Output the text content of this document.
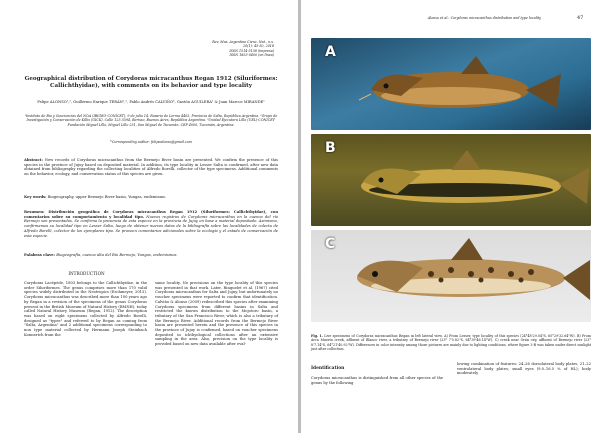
Rev. Mus. Argentino Cienc. Nat., n.s.
20(1): 45-50, 2018
ISSN 1514-5158 (impresa)
ISSN 1853-0400 (en línea)
Geographical distribution of Corydoras micracanthus Regan 1912 (Siluriformes: Callichthyidae), with comments on its behavior and type locality
Felipe ALONSO¹,², Guillermo Enrique TERÁN¹,², Pablo Andrés CALVIÑO³, Gastón AGUILERA¹ & Juan Marcos MIRANDE¹
¹Instituto de Bio y Geociencias del NOA (IBIGEO-CONICET), 9 de julio 14, Rosario de Lerma 4405, Provincia de Salta, República Argentina. ²Grupo de Investigación y Conservación de Killis (GICK). Calle 125 5594, Berisso, Buenos Aires, República Argentina. ³Unidad Ejecutora Lillo (UEL)-CONICET-Fundación Miguel Lillo, Miguel Lillo 251, San Miguel de Tucumán, CEP 4000, Tucumán, Argentina.
*Corresponding author: felipealonso@gmail.com
Abstract: New records of Corydoras micracanthus from the Bermejo River basin are presented. We confirm the presence of this species in the province of Jujuy based on deposited material. In addition, its type locality in Lesser Salta is confirmed, after new data obtained from bibliography regarding the collecting localities of Alfredo Borelli, collector of the type specimens. Additional comments on the behavior, ecology, and conservation status of this species are given.
Key words: Biogeography, upper Bermejo River basin, Yungas, endemisms.
Resumen: Distribución geográfica de Corydoras micracanthus Regan 1912 (Siluriformes: Callichthyidae), con comentarios sobre su comportamiento y localidad tipo. Nuevos registros de Corydoras micracanthus en la cuenca del río Bermejo son presentados. Se confirma la presencia de esta especie en la provincia de Jujuy en base a material depositado. Asimismo, confirmamos su localidad tipo en Lesser Salta, luego de obtener nuevos datos de la bibliografía sobre las localidades de colecta de Alfredo Borelli, colector de los ejemplares tipo. Se proveen comentarios adicionales sobre la ecología y el estado de conservación de esta especie.
Palabras clave: Biogeografía, cuenca alta del Río Bermejo, Yungas, endemismos.
INTRODUCTION
Corydoras Lacépède, 1803 belongs to the Callichthyidae, in the order Siluriformes. The genus comprises more than 170 valid species widely distributed in the Neotropics (Eschmeyer, 2015). Corydoras micracanthus was described more than 100 years ago by Regan in a revision of the specimens of the genus Corydoras present in the British Museum of Natural History (BMNH), today called Natural History Museum (Regan, 1912). The description was based on eight specimens collected by Alfredo Borelli, designed as "types" and referred to by Regan as coming from "Salta, Argentina" and 2 additional specimens corresponding to non type material collected by Hermann Joseph Steinbach Konnertch from the
same locality. No precisions on the type locality of this species was presented in that work. Later, Ringuelet et al. (1967) cited Corydoras micracanthus for Salta and Jujuy, but unfortunately no voucher specimens were reported to confirm that identification. Calviño & Alonso (2009) redescribed this species after examining Corydoras specimens from different basins in Salta and restricted the known distribution to the Mojotoro basin, a tributary of the San Francisco River, which is also a tributary of the Bermejo River. Additional records from the Bermejo River basin are presented herein and the presence of this species in the province of Jujuy is confirmed, based on voucher specimens deposited in ichthyological collections after an extensive sampling in the area. Also, precision on the type locality is provided based on new data available after eval-
Alonso et al.: Corydoras micracanthus distribution and type locality	47
A
B
C
Fig. 1. Live specimens of Corydoras micracanthus Regan in left lateral view. A) From Lesser, type locality of this species (24°48'29.04"S, 65°29'32.64"W). B) From Arca Muerta creek, affluent of Blanco river, a tributary of Bermejo river (23° 7'5.82"S, 64°39'46.14"W). C) creek near Orán city, affluent of Bermejo river (23° 8'7.14"S, 64°21'40.92"W). Differences in color intensity among those pictures are mainly due to lighting conditions, where figure 3-B was taken under direct sunlight just after collection.
Identification
Corydoras micracanthus is distinguished from all other species of the genus by the following
lowing combination of features: 24–26 dorsolateral body plates, 21–22 ventrolateral body plates; small eyes (9.0–16.5 % of HL); body moderately
